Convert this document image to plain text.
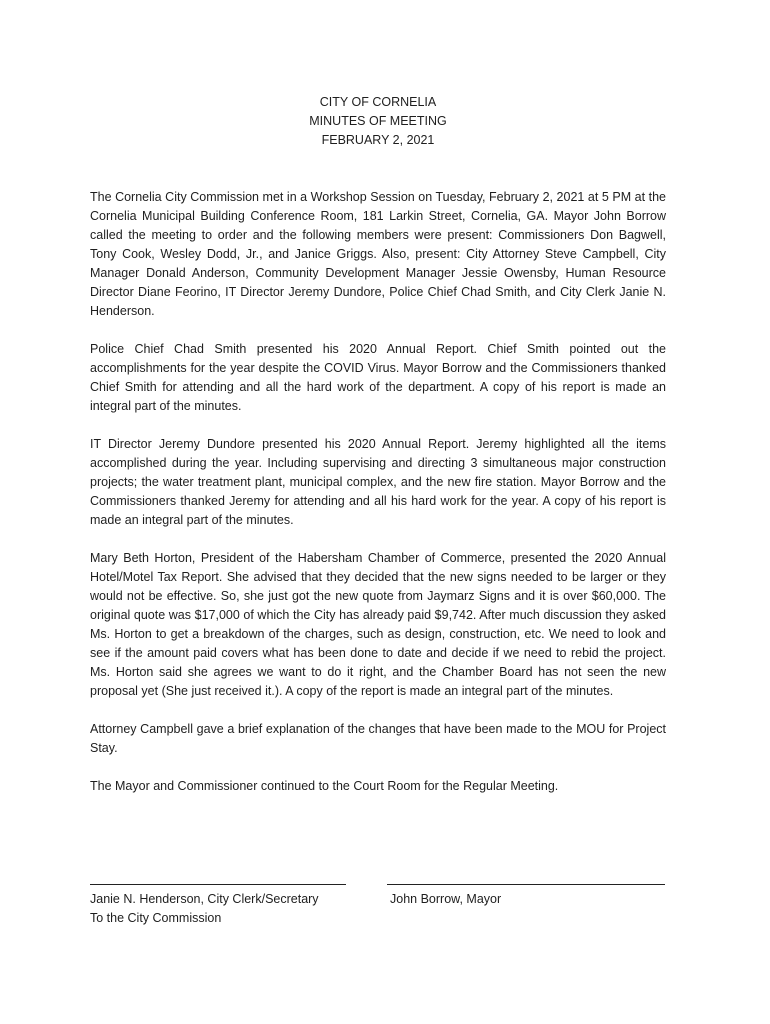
CITY OF CORNELIA
MINUTES OF MEETING
FEBRUARY 2, 2021

The Cornelia City Commission met in a Workshop Session on Tuesday, February 2, 2021 at 5 PM at the Cornelia Municipal Building Conference Room, 181 Larkin Street, Cornelia, GA. Mayor John Borrow called the meeting to order and the following members were present: Commissioners Don Bagwell, Tony Cook, Wesley Dodd, Jr., and Janice Griggs. Also, present: City Attorney Steve Campbell, City Manager Donald Anderson, Community Development Manager Jessie Owensby, Human Resource Director Diane Feorino, IT Director Jeremy Dundore, Police Chief Chad Smith, and City Clerk Janie N. Henderson.

Police Chief Chad Smith presented his 2020 Annual Report. Chief Smith pointed out the accomplishments for the year despite the COVID Virus. Mayor Borrow and the Commissioners thanked Chief Smith for attending and all the hard work of the department. A copy of his report is made an integral part of the minutes.

IT Director Jeremy Dundore presented his 2020 Annual Report. Jeremy highlighted all the items accomplished during the year. Including supervising and directing 3 simultaneous major construction projects; the water treatment plant, municipal complex, and the new fire station. Mayor Borrow and the Commissioners thanked Jeremy for attending and all his hard work for the year. A copy of his report is made an integral part of the minutes.

Mary Beth Horton, President of the Habersham Chamber of Commerce, presented the 2020 Annual Hotel/Motel Tax Report. She advised that they decided that the new signs needed to be larger or they would not be effective. So, she just got the new quote from Jaymarz Signs and it is over $60,000. The original quote was $17,000 of which the City has already paid $9,742. After much discussion they asked Ms. Horton to get a breakdown of the charges, such as design, construction, etc. We need to look and see if the amount paid covers what has been done to date and decide if we need to rebid the project. Ms. Horton said she agrees we want to do it right, and the Chamber Board has not seen the new proposal yet (She just received it.). A copy of the report is made an integral part of the minutes.

Attorney Campbell gave a brief explanation of the changes that have been made to the MOU for Project Stay.

The Mayor and Commissioner continued to the Court Room for the Regular Meeting.

Janie N. Henderson, City Clerk/Secretary
To the City Commission
John Borrow, Mayor
